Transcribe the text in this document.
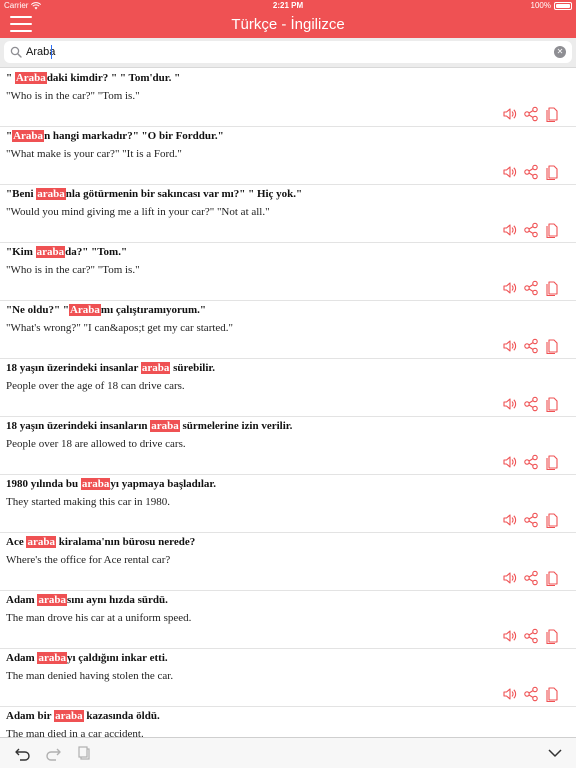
Carrier	2:21 PM	100%
Türkçe - İngilizce
Araba
✕
" Arabadaki kimdir? " " Tom'dur. "
"Who is in the car?" "Tom is."
"Araban hangi markadır?" "O bir Forddur."
"What make is your car?" "It is a Ford."
"Beni arabanla götürmenin bir sakıncası var mı?" " Hiç yok."
"Would you mind giving me a lift in your car?" "Not at all."
"Kim arabada?" "Tom."
"Who is in the car?" "Tom is."
"Ne oldu?" "Arabamı çalıştıramıyorum."
"What's wrong?" "I can&apos;t get my car started."
18 yaşın üzerindeki insanlar araba sürebilir.
People over the age of 18 can drive cars.
18 yaşın üzerindeki insanların araba sürmelerine izin verilir.
People over 18 are allowed to drive cars.
1980 yılında bu arabayı yapmaya başladılar.
They started making this car in 1980.
Ace araba kiralama'nın bürosu nerede?
Where's the office for Ace rental car?
Adam arabasını aynı hızda sürdü.
The man drove his car at a uniform speed.
Adam arabayı çaldığını inkar etti.
The man denied having stolen the car.
Adam bir araba kazasında öldü.
The man died in a car accident.
